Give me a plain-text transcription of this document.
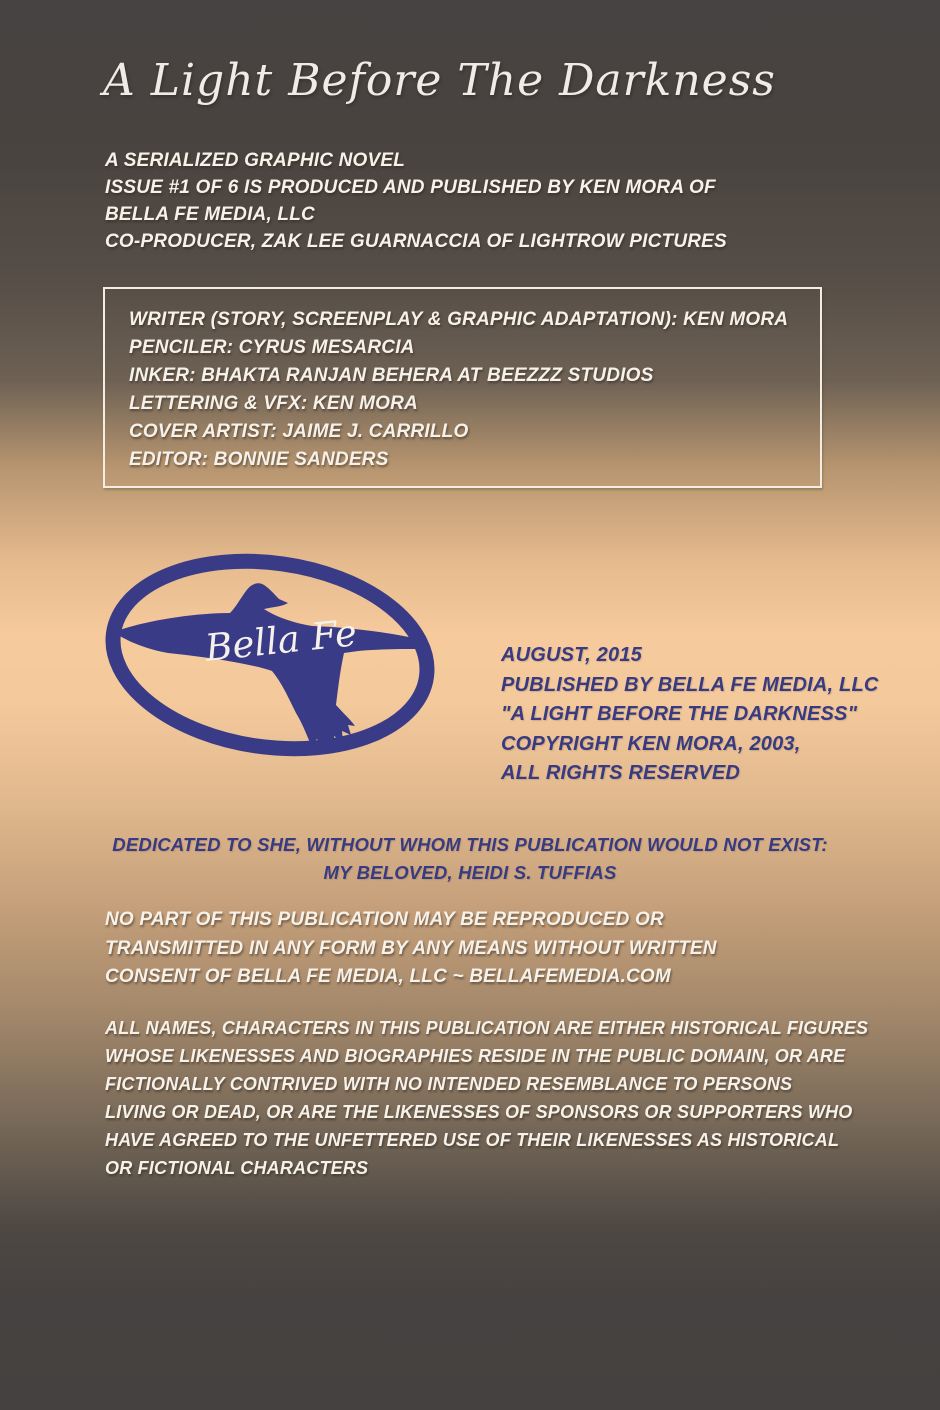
A Light Before The Darkness
A SERIALIZED GRAPHIC NOVEL
ISSUE #1 OF 6 IS PRODUCED AND PUBLISHED BY KEN MORA OF
BELLA FE MEDIA, LLC
CO-PRODUCER, ZAK LEE GUARNACCIA OF LIGHTROW PICTURES
WRITER (STORY, SCREENPLAY & GRAPHIC ADAPTATION): KEN MORA
PENCILER: CYRUS MESARCIA
INKER: BHAKTA RANJAN BEHERA AT BEEZZZ STUDIOS
LETTERING & VFX: KEN MORA
COVER ARTIST: JAIME J. CARRILLO
EDITOR: BONNIE SANDERS
Bella Fe	AUGUST, 2015
PUBLISHED BY BELLA FE MEDIA, LLC
"A LIGHT BEFORE THE DARKNESS"
COPYRIGHT KEN MORA, 2003,
ALL RIGHTS RESERVED
DEDICATED TO SHE, WITHOUT WHOM THIS PUBLICATION WOULD NOT EXIST:
MY BELOVED, HEIDI S. TUFFIAS
NO PART OF THIS PUBLICATION MAY BE REPRODUCED OR
TRANSMITTED IN ANY FORM BY ANY MEANS WITHOUT WRITTEN
CONSENT OF BELLA FE MEDIA, LLC ~ BELLAFEMEDIA.COM
ALL NAMES, CHARACTERS IN THIS PUBLICATION ARE EITHER HISTORICAL FIGURES
WHOSE LIKENESSES AND BIOGRAPHIES RESIDE IN THE PUBLIC DOMAIN, OR ARE
FICTIONALLY CONTRIVED WITH NO INTENDED RESEMBLANCE TO PERSONS
LIVING OR DEAD, OR ARE THE LIKENESSES OF SPONSORS OR SUPPORTERS WHO
HAVE AGREED TO THE UNFETTERED USE OF THEIR LIKENESSES AS HISTORICAL
OR FICTIONAL CHARACTERS
